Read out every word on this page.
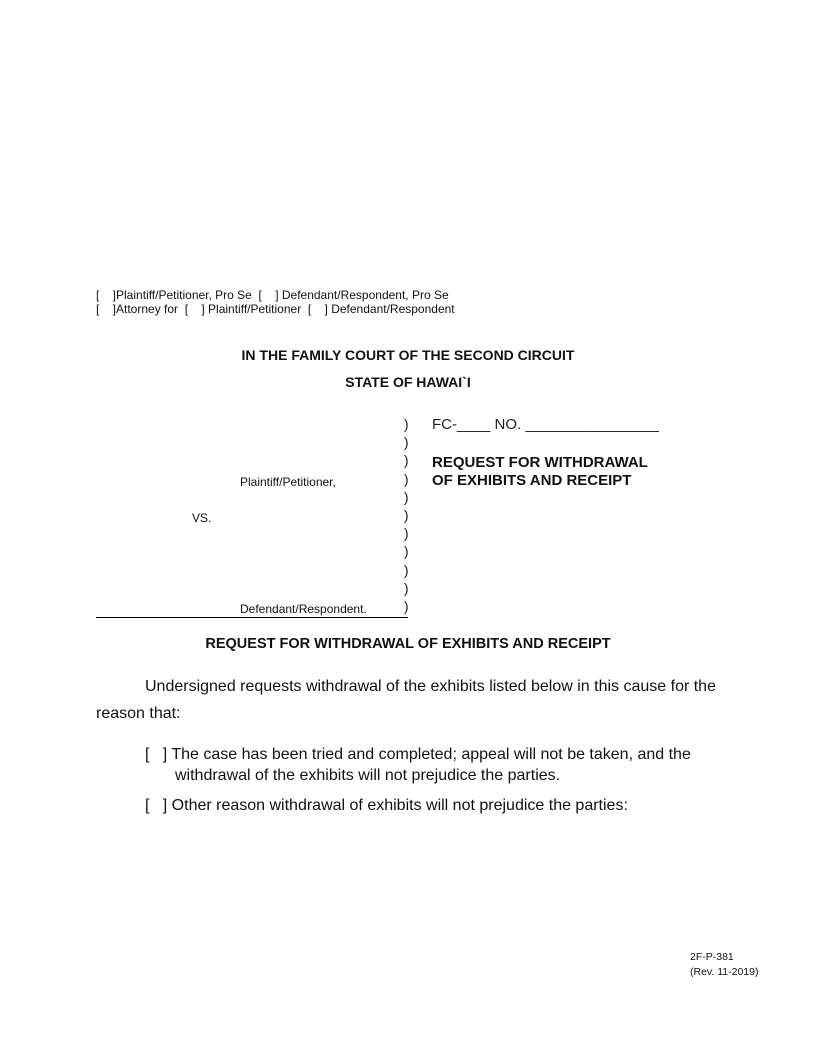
[    ]Plaintiff/Petitioner, Pro Se  [    ] Defendant/Respondent, Pro Se
[    ]Attorney for  [    ] Plaintiff/Petitioner  [    ] Defendant/Respondent
IN THE FAMILY COURT OF THE SECOND CIRCUIT
STATE OF HAWAI`I
)
)
)
)
)
)
)
)
)
)
)
FC-____ NO. ________________
REQUEST FOR WITHDRAWAL
OF EXHIBITS AND RECEIPT
Plaintiff/Petitioner,
VS.
Defendant/Respondent.
REQUEST FOR WITHDRAWAL OF EXHIBITS AND RECEIPT
Undersigned requests withdrawal of the exhibits listed below in this cause for the
reason that:
[   ] The case has been tried and completed; appeal will not be taken, and the
withdrawal of the exhibits will not prejudice the parties.
[   ] Other reason withdrawal of exhibits will not prejudice the parties:
2F-P-381
(Rev. 11-2019)
